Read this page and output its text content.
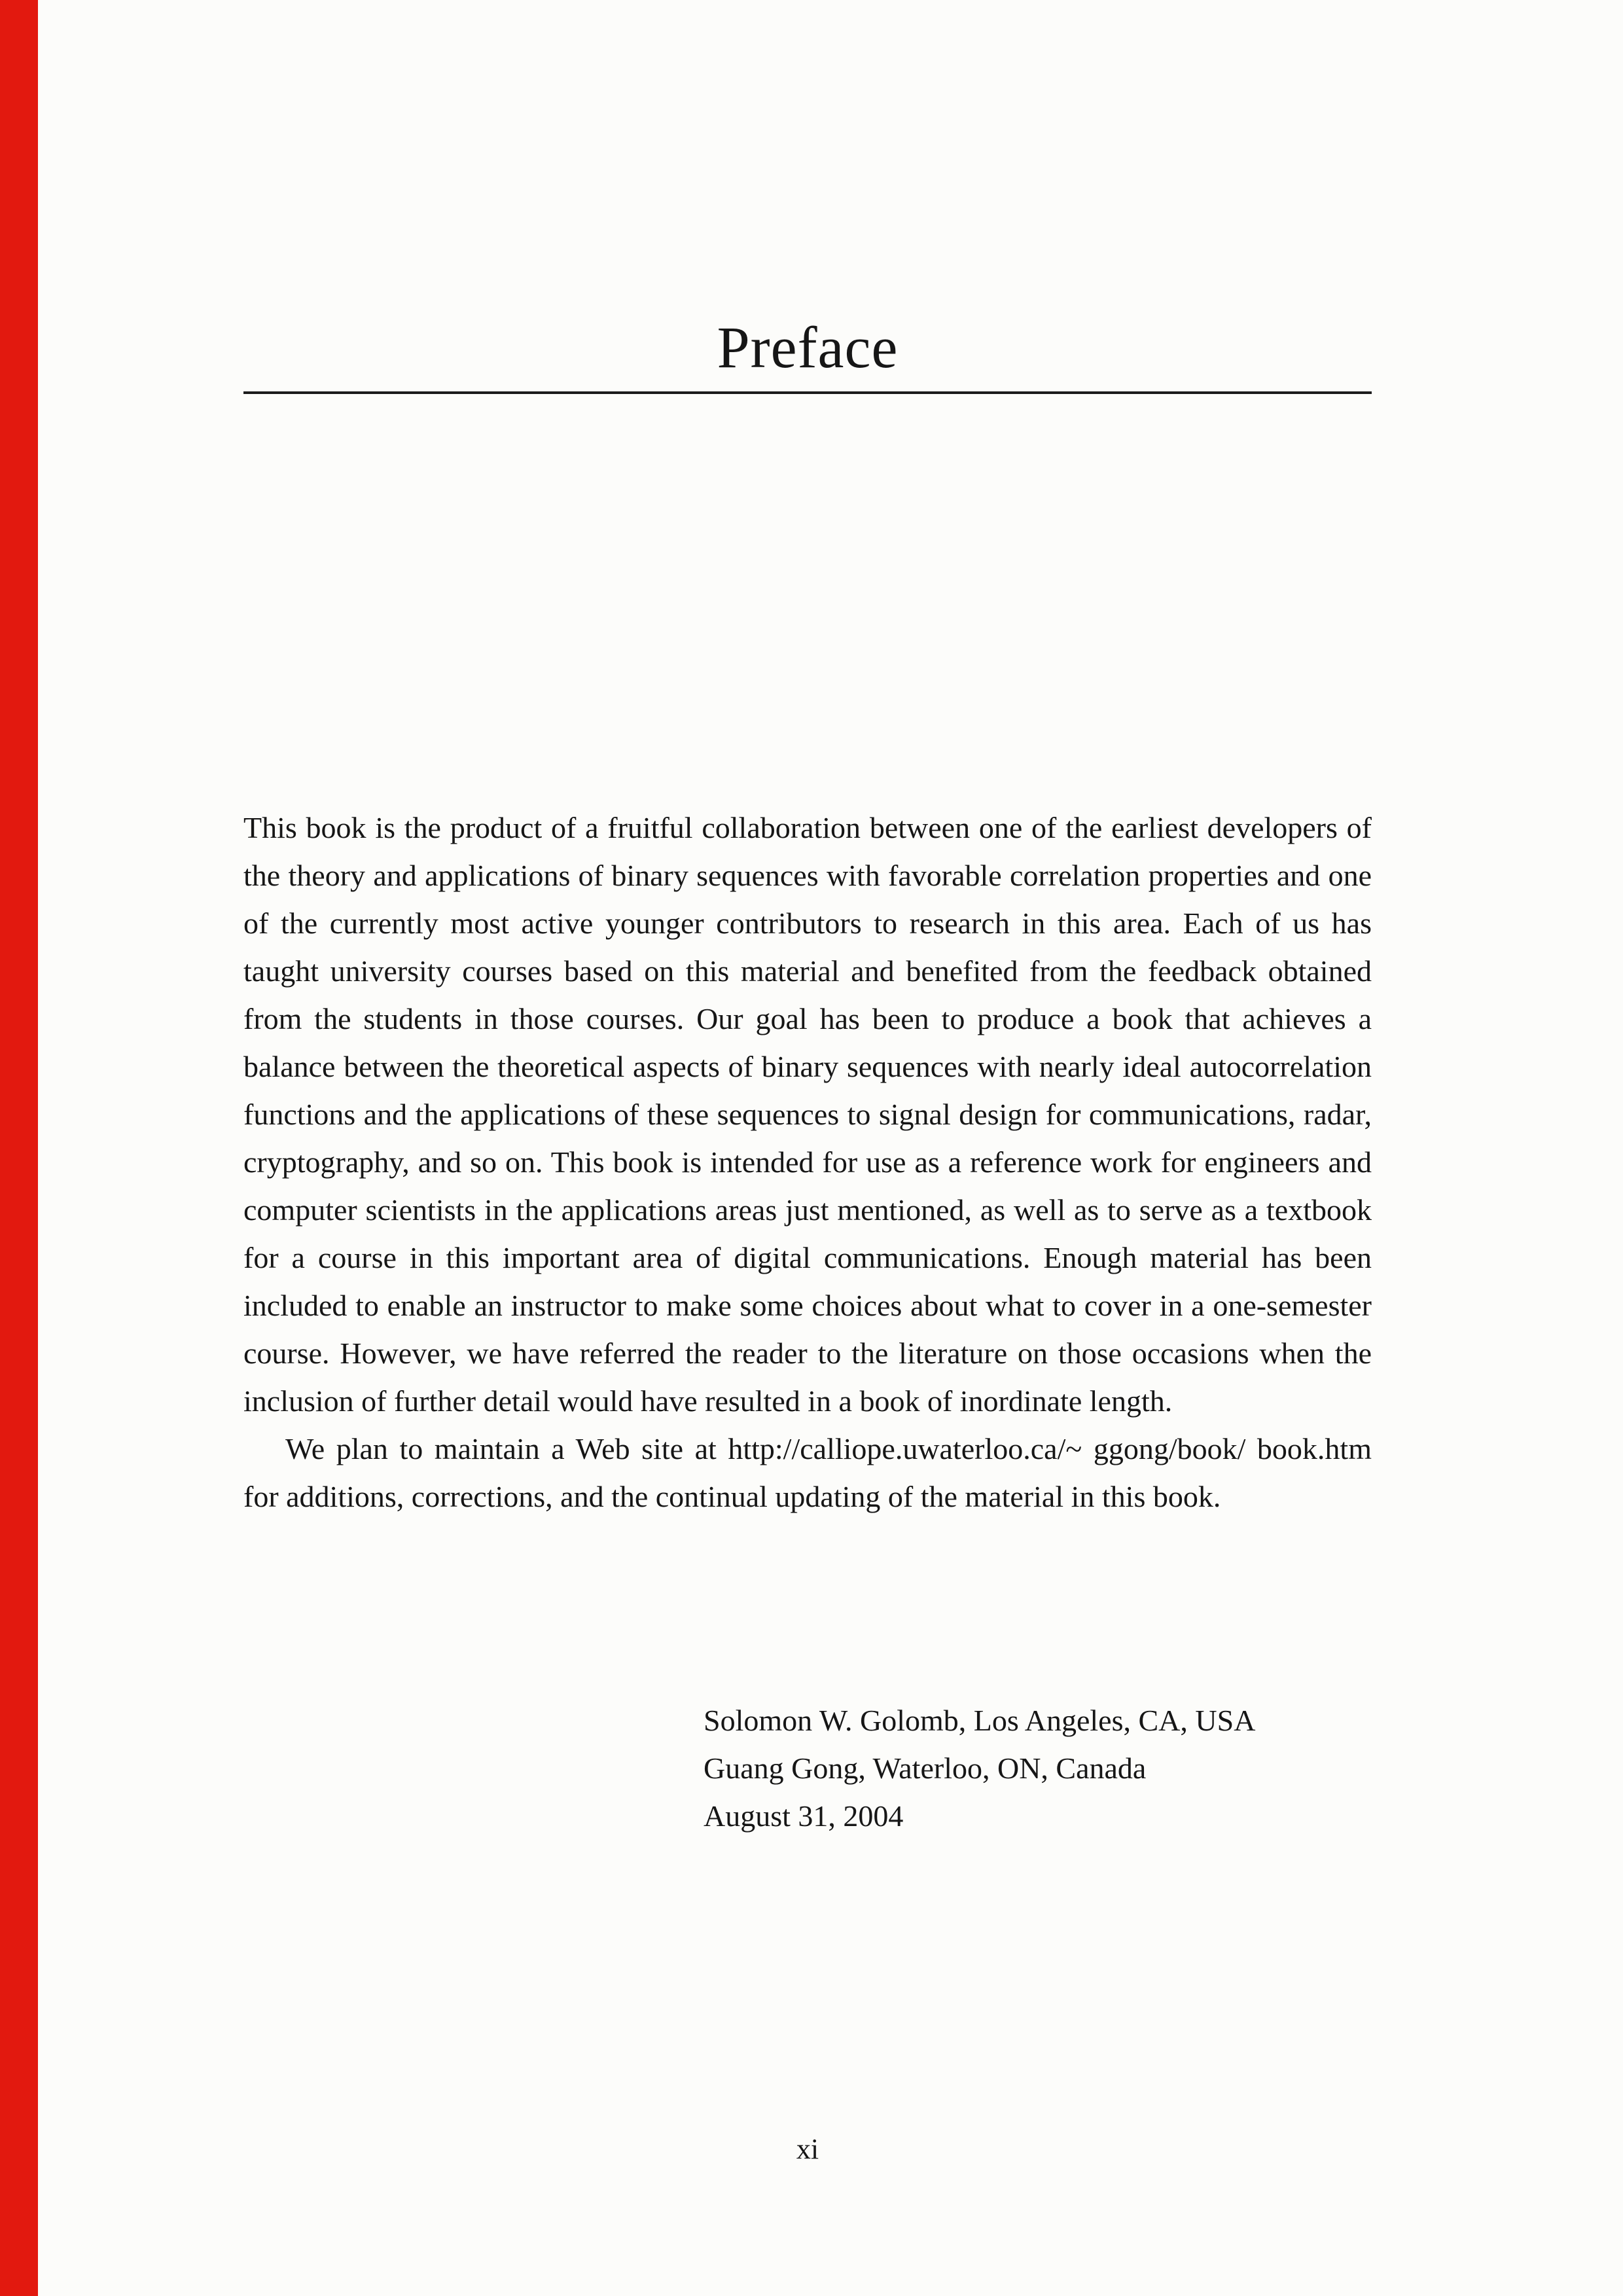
Preface

This book is the product of a fruitful collaboration between one of the earliest developers of the theory and applications of binary sequences with favorable correlation properties and one of the currently most active younger contributors to research in this area. Each of us has taught university courses based on this material and benefited from the feedback obtained from the students in those courses. Our goal has been to produce a book that achieves a balance between the theoretical aspects of binary sequences with nearly ideal autocorrelation functions and the applications of these sequences to signal design for communications, radar, cryptography, and so on. This book is intended for use as a reference work for engineers and computer scientists in the applications areas just mentioned, as well as to serve as a textbook for a course in this important area of digital communications. Enough material has been included to enable an instructor to make some choices about what to cover in a one-semester course. However, we have referred the reader to the literature on those occasions when the inclusion of further detail would have resulted in a book of inordinate length.

We plan to maintain a Web site at http://calliope.uwaterloo.ca/~ ggong/book/ book.htm for additions, corrections, and the continual updating of the material in this book.

Solomon W. Golomb, Los Angeles, CA, USA
Guang Gong, Waterloo, ON, Canada
August 31, 2004
xi
